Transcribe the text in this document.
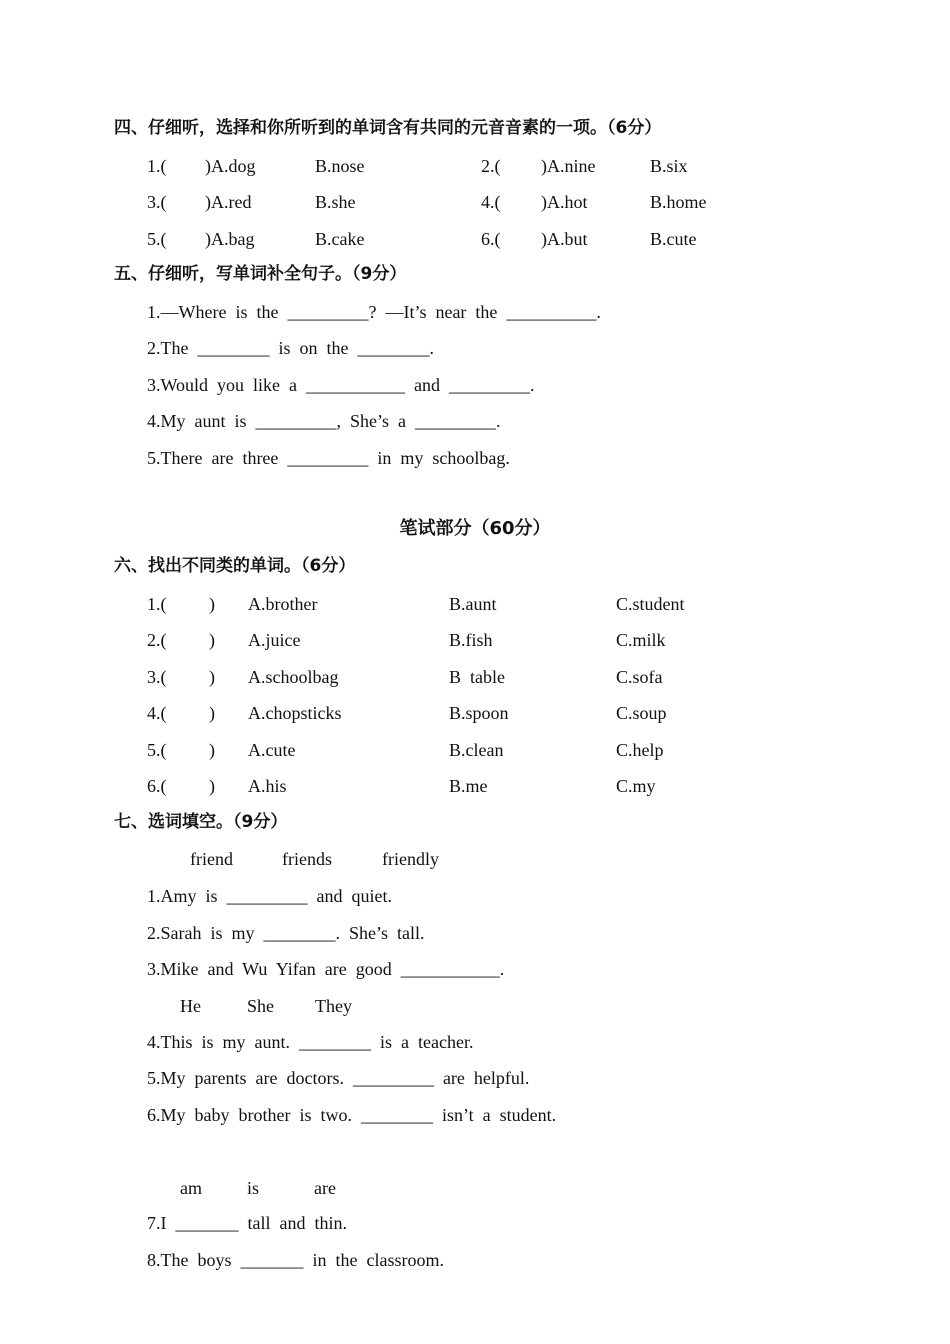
四、仔细听，选择和你所听到的单词含有共同的元音音素的一项。（6分）
1.( )A.dog	B.nose	2.( )A.nine	B.six
3.( )A.red	B.she	4.( )A.hot	B.home
5.( )A.bag	B.cake	6.( )A.but	B.cute
五、仔细听，写单词补全句子。（9分）
1.—Where  is  the  _________?  —It’s  near  the  __________.
2.The  ________  is  on  the  ________.
3.Would  you  like  a  ___________  and  _________.
4.My  aunt  is  _________,  She’s  a  _________.
5.There  are  three  _________  in  my  schoolbag.
笔试部分（60分）
六、找出不同类的单词。（6分）
1.( ) A.brother	B.aunt	C.student
2.( ) A.juice	B.fish	C.milk
3.( ) A.schoolbag	B  table	C.sofa
4.( ) A.chopsticks	B.spoon	C.soup
5.( ) A.cute	B.clean	C.help
6.( ) A.his	B.me	C.my
七、选词填空。（9分）
friend	friends	friendly
1.Amy  is  _________  and  quiet.
2.Sarah  is  my  ________.  She’s  tall.
3.Mike  and  Wu  Yifan  are  good  ___________.
He	She They
4.This  is  my  aunt.  ________  is  a  teacher.
5.My  parents  are  doctors.  _________  are  helpful.
6.My  baby  brother  is  two.  ________  isn’t  a  student.
am	is	are
7.I  _______  tall  and  thin.
8.The  boys  _______  in  the  classroom.
